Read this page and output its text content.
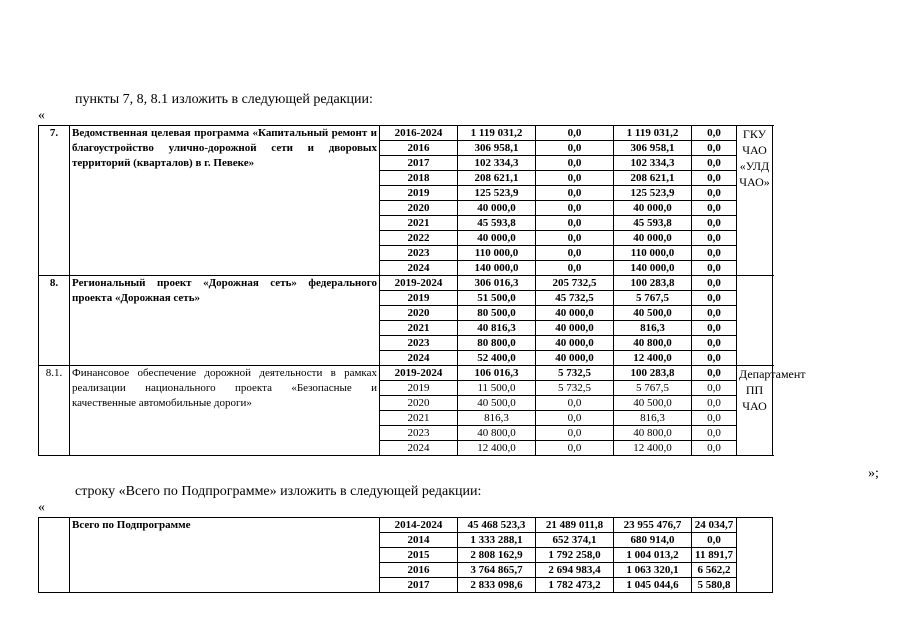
пункты 7, 8, 8.1 изложить в следующей редакции:
«
7.	Ведомственная целевая программа «Капитальный ремонт и благоустройство улично-дорожной сети и дворовых территорий (кварталов) в г. Певеке»	2016-2024	1 119 031,2	0,0	1 119 031,2	0,0	ГКУ ЧАО «УЛД ЧАО»
		2016	306 958,1	0,0	306 958,1	0,0	
		2017	102 334,3	0,0	102 334,3	0,0	
		2018	208 621,1	0,0	208 621,1	0,0	
		2019	125 523,9	0,0	125 523,9	0,0	
		2020	40 000,0	0,0	40 000,0	0,0	
		2021	45 593,8	0,0	45 593,8	0,0	
		2022	40 000,0	0,0	40 000,0	0,0	
		2023	110 000,0	0,0	110 000,0	0,0	
		2024	140 000,0	0,0	140 000,0	0,0	
8.	Региональный проект «Дорожная сеть» федерального проекта «Дорожная сеть»	2019-2024	306 016,3	205 732,5	100 283,8	0,0	
		2019	51 500,0	45 732,5	5 767,5	0,0	
		2020	80 500,0	40 000,0	40 500,0	0,0	
		2021	40 816,3	40 000,0	816,3	0,0	
		2023	80 800,0	40 000,0	40 800,0	0,0	
		2024	52 400,0	40 000,0	12 400,0	0,0	
8.1.	Финансовое обеспечение дорожной деятельности в рамках реализации национального проекта «Безопасные и качественные автомобильные дороги»	2019-2024	106 016,3	5 732,5	100 283,8	0,0	Департамент ПП ЧАО
		2019	11 500,0	5 732,5	5 767,5	0,0	
		2020	40 500,0	0,0	40 500,0	0,0	
		2021	816,3	0,0	816,3	0,0	
		2023	40 800,0	0,0	40 800,0	0,0	
		2024	12 400,0	0,0	12 400,0	0,0	
»;
строку «Всего по Подпрограмме» изложить в следующей редакции:
«
	Всего по Подпрограмме	2014-2024	45 468 523,3	21 489 011,8	23 955 476,7	24 034,7	
		2014	1 333 288,1	652 374,1	680 914,0	0,0	
		2015	2 808 162,9	1 792 258,0	1 004 013,2	11 891,7	
		2016	3 764 865,7	2 694 983,4	1 063 320,1	6 562,2	
		2017	2 833 098,6	1 782 473,2	1 045 044,6	5 580,8	
